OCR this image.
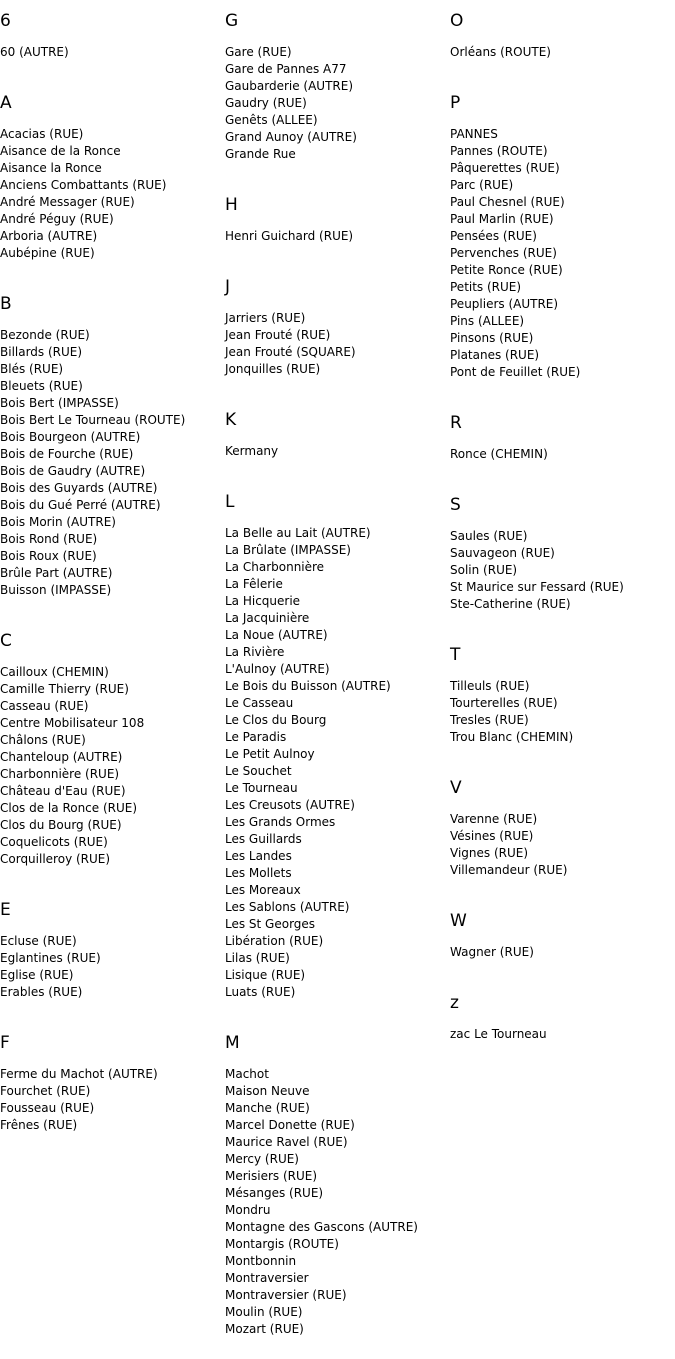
6
60 (AUTRE)
A
Acacias (RUE)
Aisance de la Ronce
Aisance la Ronce
Anciens Combattants (RUE)
André Messager (RUE)
André Péguy (RUE)
Arboria (AUTRE)
Aubépine (RUE)
B
Bezonde (RUE)
Billards (RUE)
Blés (RUE)
Bleuets (RUE)
Bois Bert (IMPASSE)
Bois Bert Le Tourneau (ROUTE)
Bois Bourgeon (AUTRE)
Bois de Fourche (RUE)
Bois de Gaudry (AUTRE)
Bois des Guyards (AUTRE)
Bois du Gué Perré (AUTRE)
Bois Morin (AUTRE)
Bois Rond (RUE)
Bois Roux (RUE)
Brûle Part (AUTRE)
Buisson (IMPASSE)
C
Cailloux (CHEMIN)
Camille Thierry (RUE)
Casseau (RUE)
Centre Mobilisateur 108
Châlons (RUE)
Chanteloup (AUTRE)
Charbonnière (RUE)
Château d'Eau (RUE)
Clos de la Ronce (RUE)
Clos du Bourg (RUE)
Coquelicots (RUE)
Corquilleroy (RUE)
E
Ecluse (RUE)
Eglantines (RUE)
Eglise (RUE)
Erables (RUE)
F
Ferme du Machot (AUTRE)
Fourchet (RUE)
Fousseau (RUE)
Frênes (RUE)
G
Gare (RUE)
Gare de Pannes A77
Gaubarderie (AUTRE)
Gaudry (RUE)
Genêts (ALLEE)
Grand Aunoy (AUTRE)
Grande Rue
H
Henri Guichard (RUE)
J
Jarriers (RUE)
Jean Frouté (RUE)
Jean Frouté (SQUARE)
Jonquilles (RUE)
K
Kermany
L
La Belle au Lait (AUTRE)
La Brûlate (IMPASSE)
La Charbonnière
La Fêlerie
La Hicquerie
La Jacquinière
La Noue (AUTRE)
La Rivière
L'Aulnoy (AUTRE)
Le Bois du Buisson (AUTRE)
Le Casseau
Le Clos du Bourg
Le Paradis
Le Petit Aulnoy
Le Souchet
Le Tourneau
Les Creusots (AUTRE)
Les Grands Ormes
Les Guillards
Les Landes
Les Mollets
Les Moreaux
Les Sablons (AUTRE)
Les St Georges
Libération (RUE)
Lilas (RUE)
Lisique (RUE)
Luats (RUE)
M
Machot
Maison Neuve
Manche (RUE)
Marcel Donette (RUE)
Maurice Ravel (RUE)
Mercy (RUE)
Merisiers (RUE)
Mésanges (RUE)
Mondru
Montagne des Gascons (AUTRE)
Montargis (ROUTE)
Montbonnin
Montraversier
Montraversier (RUE)
Moulin (RUE)
Mozart (RUE)
O
Orléans (ROUTE)
P
PANNES
Pannes (ROUTE)
Pâquerettes (RUE)
Parc (RUE)
Paul Chesnel (RUE)
Paul Marlin (RUE)
Pensées (RUE)
Pervenches (RUE)
Petite Ronce (RUE)
Petits (RUE)
Peupliers (AUTRE)
Pins (ALLEE)
Pinsons (RUE)
Platanes (RUE)
Pont de Feuillet (RUE)
R
Ronce (CHEMIN)
S
Saules (RUE)
Sauvageon (RUE)
Solin (RUE)
St Maurice sur Fessard (RUE)
Ste-Catherine (RUE)
T
Tilleuls (RUE)
Tourterelles (RUE)
Tresles (RUE)
Trou Blanc (CHEMIN)
V
Varenne (RUE)
Vésines (RUE)
Vignes (RUE)
Villemandeur (RUE)
W
Wagner (RUE)
z
zac Le Tourneau
